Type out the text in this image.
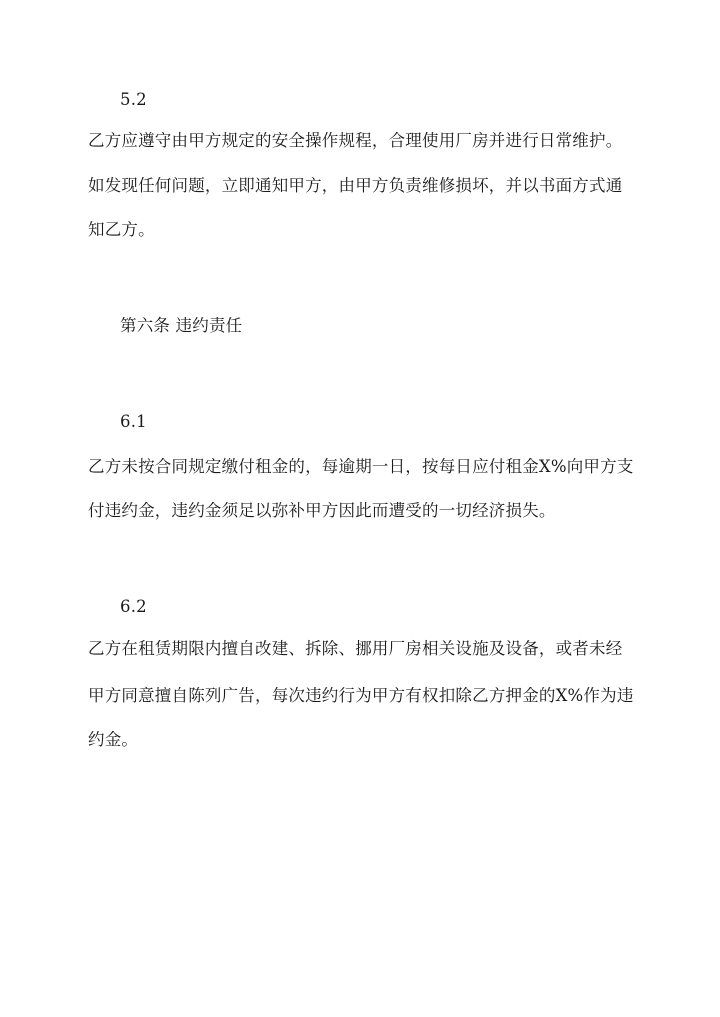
5.2
乙方应遵守由甲方规定的安全操作规程，合理使用厂房并进行日常维护。
如发现任何问题，立即通知甲方，由甲方负责维修损坏，并以书面方式通
知乙方。
第六条 违约责任
6.1
乙方未按合同规定缴付租金的，每逾期一日，按每日应付租金X%向甲方支
付违约金，违约金须足以弥补甲方因此而遭受的一切经济损失。
6.2
乙方在租赁期限内擅自改建、拆除、挪用厂房相关设施及设备，或者未经
甲方同意擅自陈列广告，每次违约行为甲方有权扣除乙方押金的X%作为违
约金。
